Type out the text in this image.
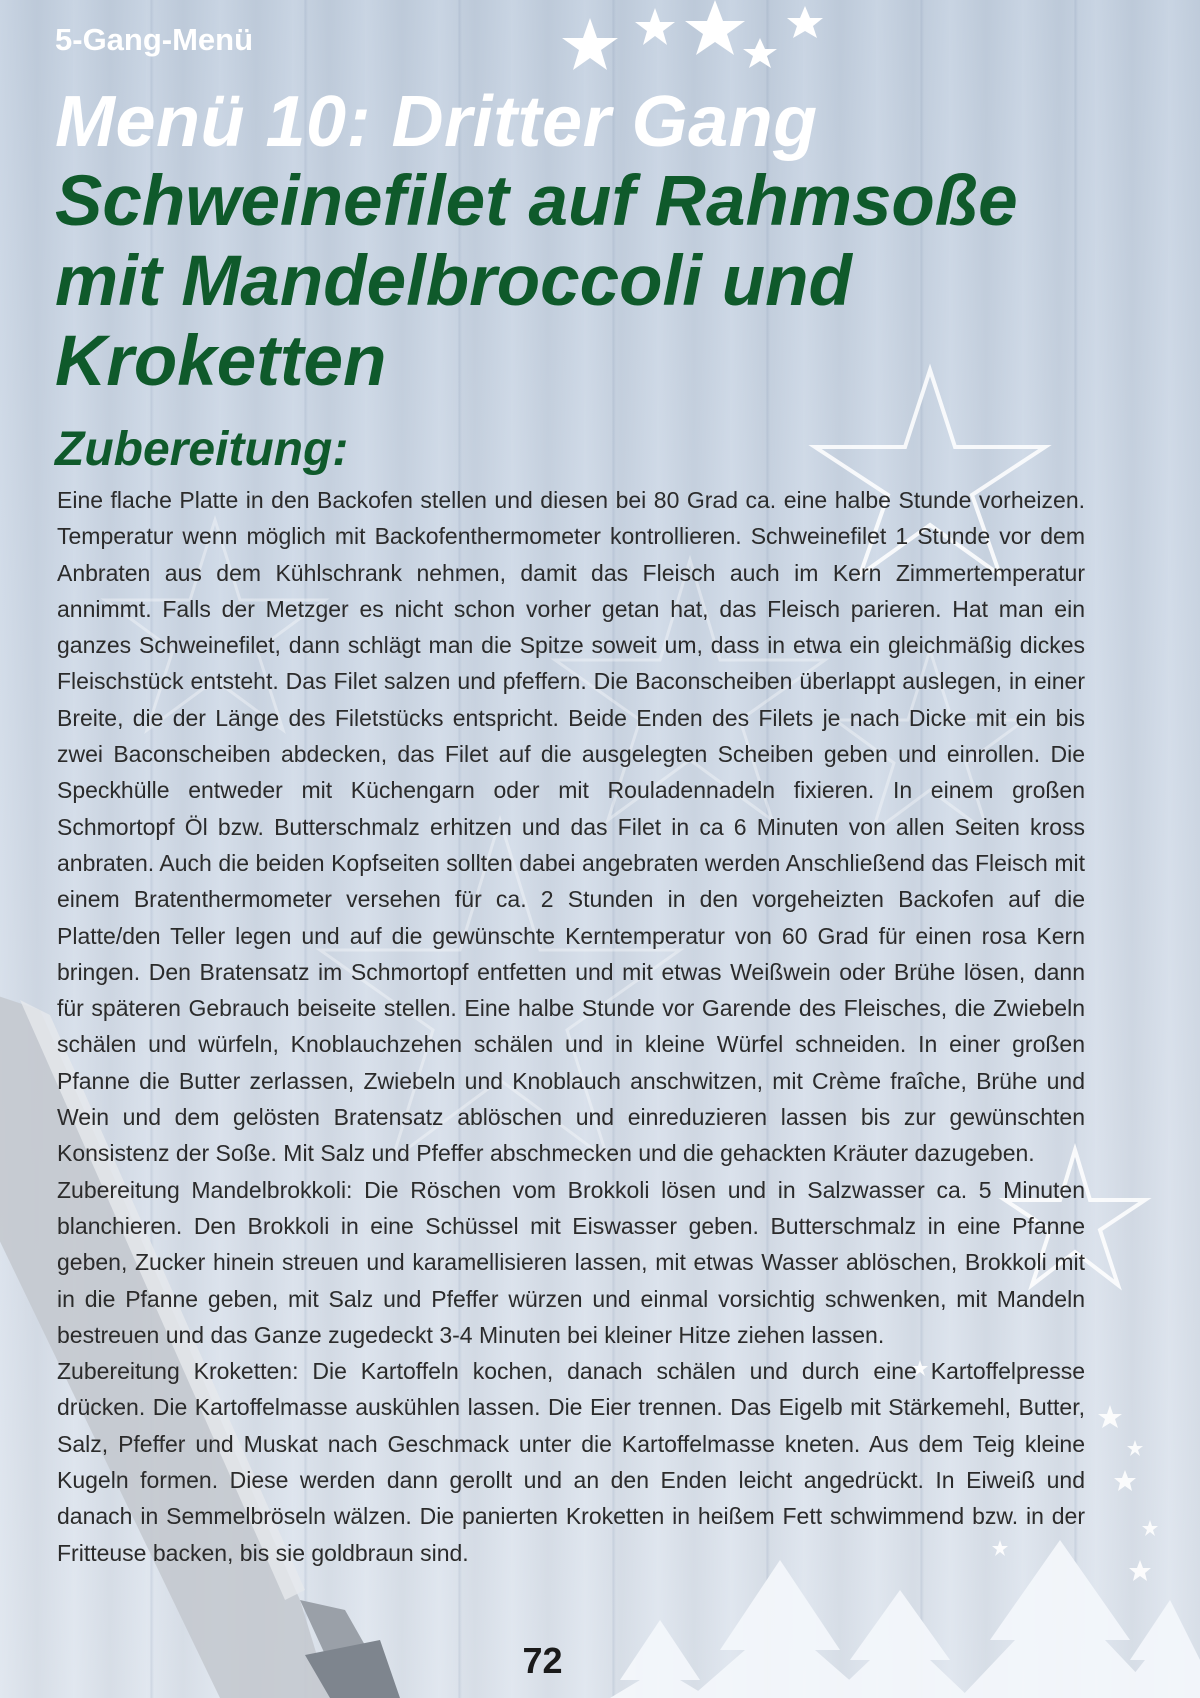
5-Gang-Menü
Menü 10: Dritter Gang
Schweinefilet auf Rahmsoße mit Mandelbroccoli und Kroketten
Zubereitung:

Eine flache Platte in den Backofen stellen und diesen bei 80 Grad ca. eine halbe Stunde vorheizen. Temperatur wenn möglich mit Backofenthermometer kontrollieren. Schweinefilet 1 Stunde vor dem Anbraten aus dem Kühlschrank nehmen, damit das Fleisch auch im Kern Zimmertemperatur annimmt. Falls der Metzger es nicht schon vorher getan hat, das Fleisch parieren. Hat man ein ganzes Schweinefilet, dann schlägt man die Spitze soweit um, dass in etwa ein gleichmäßig dickes Fleischstück entsteht. Das Filet salzen und pfeffern. Die Baconscheiben überlappt auslegen, in einer Breite, die der Länge des Filetstücks entspricht. Beide Enden des Filets je nach Dicke mit ein bis zwei Baconscheiben abdecken, das Filet auf die ausgelegten Scheiben geben und einrollen. Die Speckhülle entweder mit Küchengarn oder mit Rouladennadeln fixieren. In einem großen Schmortopf Öl bzw. Butterschmalz erhitzen und das Filet in ca 6 Minuten von allen Seiten kross anbraten. Auch die beiden Kopfseiten sollten dabei angebraten werden Anschließend das Fleisch mit einem Bratenthermometer versehen für ca. 2 Stunden in den vorgeheizten Backofen auf die Platte/den Teller legen und auf die gewünschte Kerntemperatur von 60 Grad für einen rosa Kern bringen. Den Bratensatz im Schmortopf entfetten und mit etwas Weißwein oder Brühe lösen, dann für späteren Gebrauch beiseite stellen. Eine halbe Stunde vor Garende des Fleisches, die Zwiebeln schälen und würfeln, Knoblauchzehen schälen und in kleine Würfel schneiden. In einer großen Pfanne die Butter zerlassen, Zwiebeln und Knoblauch anschwitzen, mit Crème fraîche, Brühe und Wein und dem gelösten Bratensatz ablöschen und einreduzieren lassen bis zur gewünschten Konsistenz der Soße. Mit Salz und Pfeffer abschmecken und die gehackten Kräuter dazugeben.

Zubereitung Mandelbrokkoli: Die Röschen vom Brokkoli lösen und in Salzwasser ca. 5 Minuten blanchieren. Den Brokkoli in eine Schüssel mit Eiswasser geben. Butterschmalz in eine Pfanne geben, Zucker hinein streuen und karamellisieren lassen, mit etwas Wasser ablöschen, Brokkoli mit in die Pfanne geben, mit Salz und Pfeffer würzen und einmal vorsichtig schwenken, mit Mandeln bestreuen und das Ganze zugedeckt 3-4 Minuten bei kleiner Hitze ziehen lassen.

Zubereitung Kroketten: Die Kartoffeln kochen, danach schälen und durch eine Kartoffelpresse drücken. Die Kartoffelmasse auskühlen lassen. Die Eier trennen. Das Eigelb mit Stärkemehl, Butter, Salz, Pfeffer und Muskat nach Geschmack unter die Kartoffelmasse kneten. Aus dem Teig kleine Kugeln formen. Diese werden dann gerollt und an den Enden leicht angedrückt. In Eiweiß und danach in Semmelbröseln wälzen. Die panierten Kroketten in heißem Fett schwimmend bzw. in der Fritteuse backen, bis sie goldbraun sind.

72
